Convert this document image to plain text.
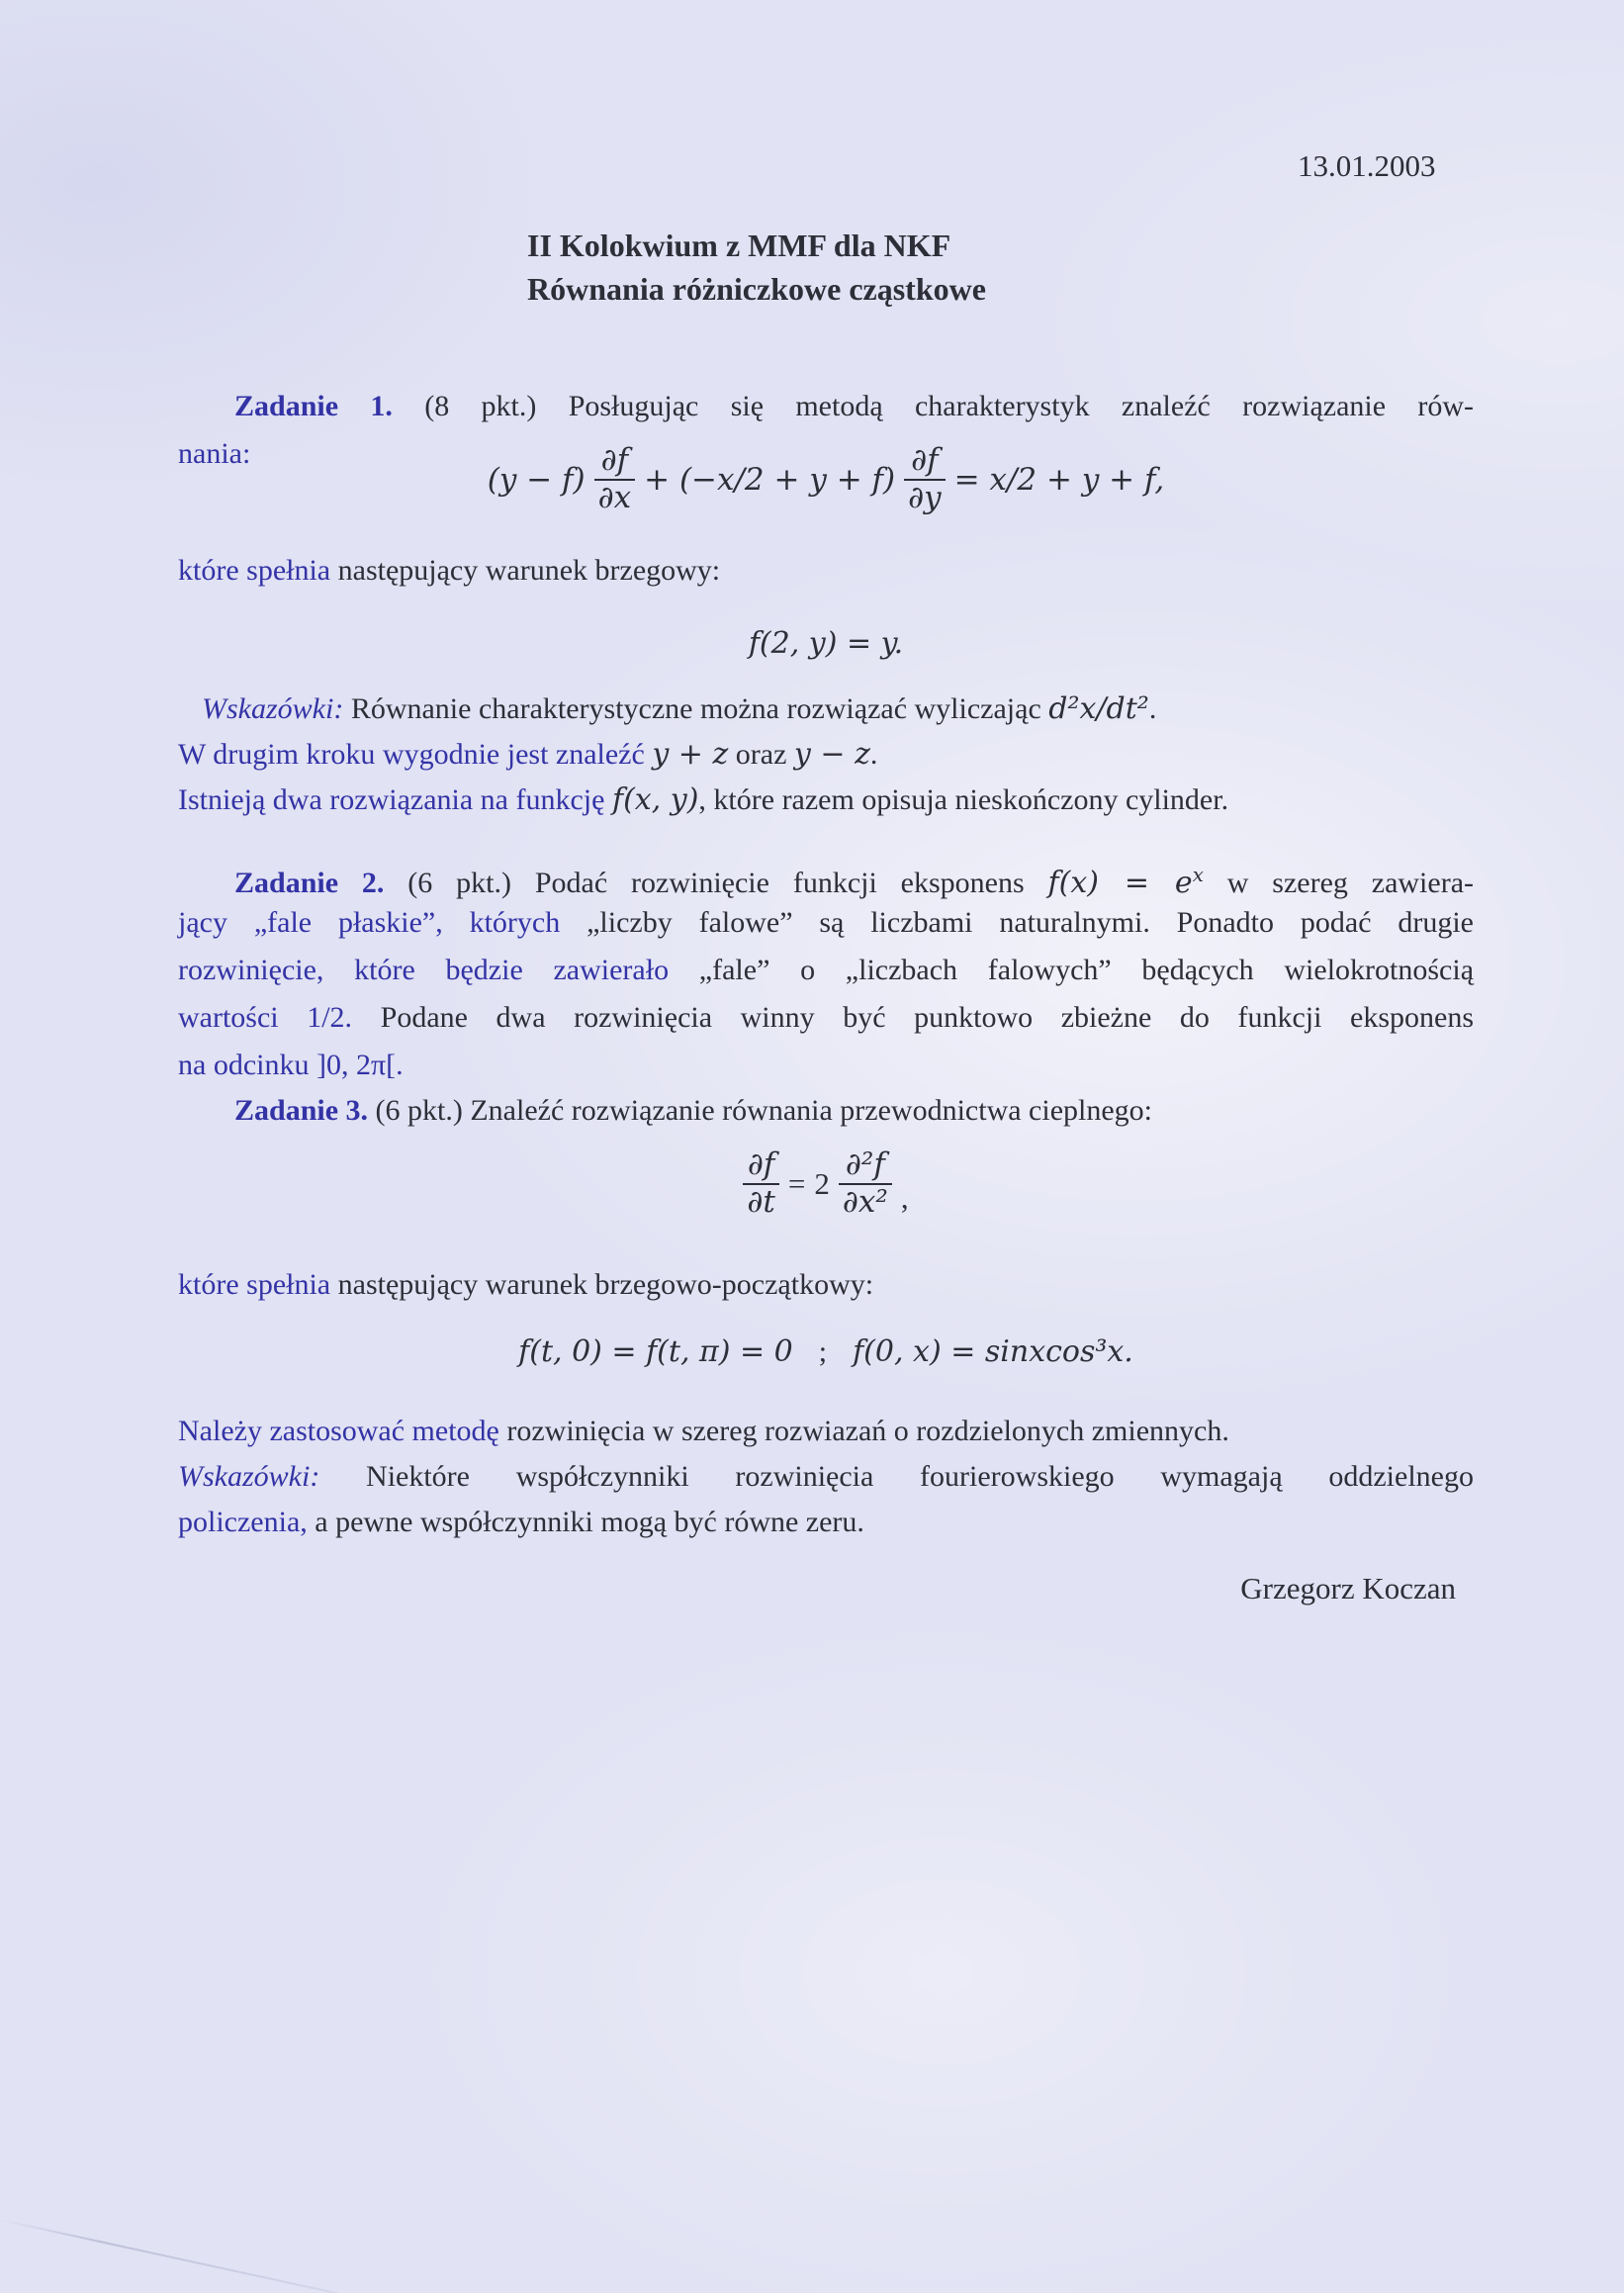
13.01.2003
II Kolokwium z MMF dla NKF
Równania różniczkowe cząstkowe
Zadanie 1. (8 pkt.) Posługując się metodą charakterystyk znaleźć rozwiązanie rów-
nania:
$(y - f) \frac{\partial f}{\partial x} + (-x/2 + y + f) \frac{\partial f}{\partial y} = x/2 + y + f$,
które spełnia następujący warunek brzegowy:
f(2, y) = y.
Wskazówki: Równanie charakterystyczne można rozwiązać wyliczając d²x/dt².
W drugim kroku wygodnie jest znaleźć y + z oraz y − z.
Istnieją dwa rozwiązania na funkcję f(x, y), które razem opisuja nieskończony cylinder.
Zadanie 2. (6 pkt.) Podać rozwinięcie funkcji eksponens $f(x) = e^x$ w szereg zawiera-
jący „fale płaskie”, których „liczby falowe” są liczbami naturalnymi. Ponadto podać drugie
rozwinięcie, które będzie zawierało „fale” o „liczbach falowych” będących wielokrotnością
wartości 1/2. Podane dwa rozwinięcia winny być punktowo zbieżne do funkcji eksponens
na odcinku ]0, 2π[.
Zadanie 3. (6 pkt.) Znaleźć rozwiązanie równania przewodnictwa cieplnego:
$\frac{\partial f}{\partial t} = 2 \frac{\text{∂²f}}{\text{∂x²}}$ ,
które spełnia następujący warunek brzegowo-początkowy:
f(t, 0) = f(t, π) = 0 ; f(0, x) = sinxcos³x.
Należy zastosować metodę rozwinięcia w szereg rozwiazań o rozdzielonych zmiennych.
Wskazówki: Niektóre współczynniki rozwinięcia fourierowskiego wymagają oddzielnego
policzenia, a pewne współczynniki mogą być równe zeru.
Grzegorz Koczan
